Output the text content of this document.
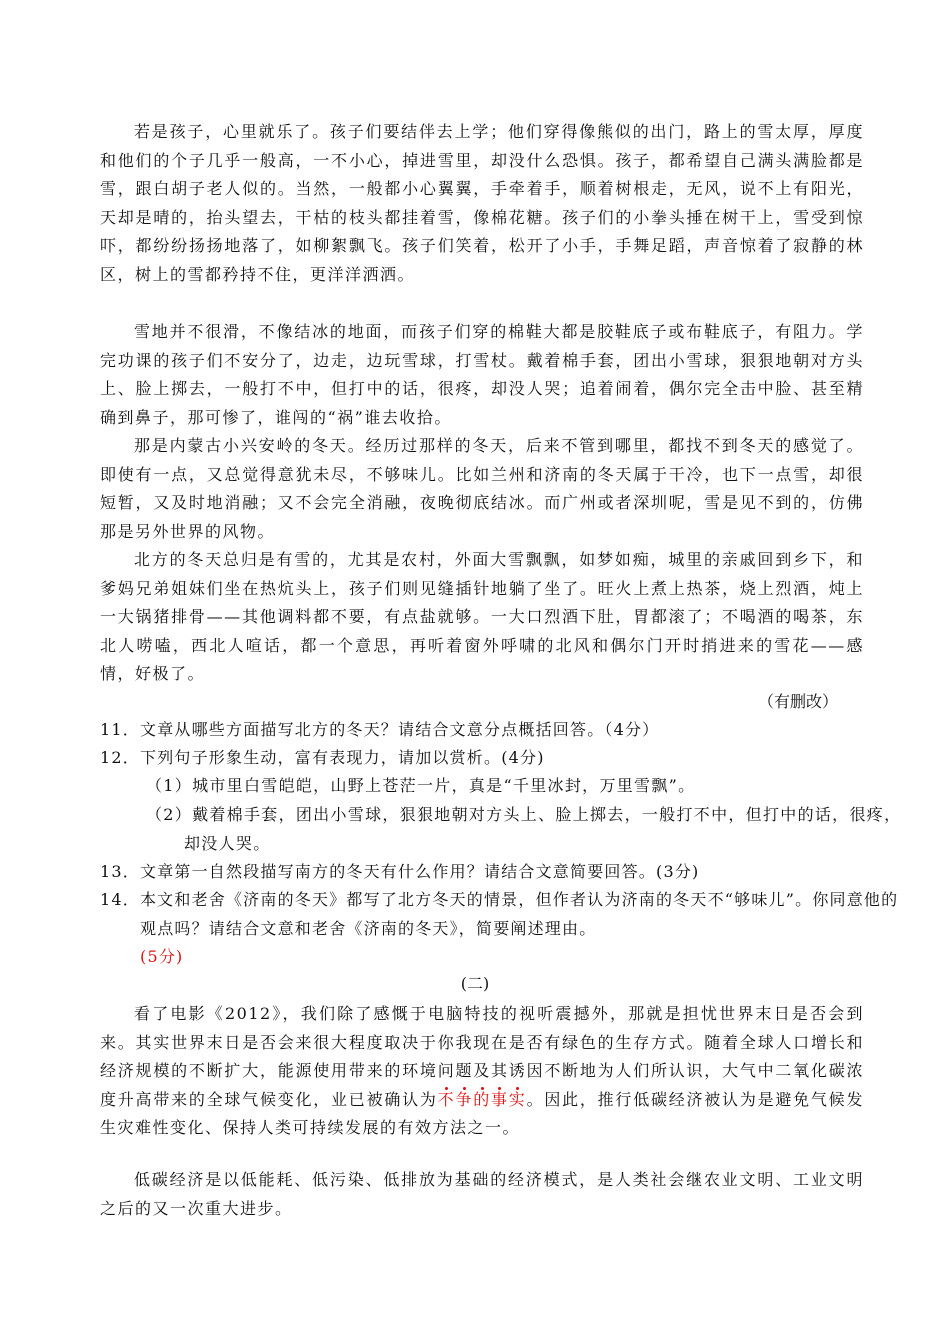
若是孩子，心里就乐了。孩子们要结伴去上学；他们穿得像熊似的出门，路上的雪太厚，厚度和他们的个子几乎一般高，一不小心，掉进雪里，却没什么恐惧。孩子，都希望自己满头满脸都是雪，跟白胡子老人似的。当然，一般都小心翼翼，手牵着手，顺着树根走，无风，说不上有阳光，天却是晴的，抬头望去，干枯的枝头都挂着雪，像棉花糖。孩子们的小拳头捶在树干上，雪受到惊吓，都纷纷扬扬地落了，如柳絮飘飞。孩子们笑着，松开了小手，手舞足蹈，声音惊着了寂静的林区，树上的雪都矜持不住，更洋洋洒洒。

雪地并不很滑，不像结冰的地面，而孩子们穿的棉鞋大都是胶鞋底子或布鞋底子，有阻力。学完功课的孩子们不安分了，边走，边玩雪球，打雪杖。戴着棉手套，团出小雪球，狠狠地朝对方头上、脸上掷去，一般打不中，但打中的话，很疼，却没人哭；追着闹着，偶尔完全击中脸、甚至精确到鼻子，那可惨了，谁闯的“祸”谁去收拾。

那是内蒙古小兴安岭的冬天。经历过那样的冬天，后来不管到哪里，都找不到冬天的感觉了。即使有一点，又总觉得意犹未尽，不够味儿。比如兰州和济南的冬天属于干冷，也下一点雪，却很短暂，又及时地消融；又不会完全消融，夜晚彻底结冰。而广州或者深圳呢，雪是见不到的，仿佛那是另外世界的风物。

北方的冬天总归是有雪的，尤其是农村，外面大雪飘飘，如梦如痴，城里的亲戚回到乡下，和爹妈兄弟姐妹们坐在热炕头上，孩子们则见缝插针地躺了坐了。旺火上煮上热茶，烧上烈酒，炖上一大锅猪排骨——其他调料都不要，有点盐就够。一大口烈酒下肚，胃都滚了；不喝酒的喝茶，东北人唠嗑，西北人喧话，都一个意思，再听着窗外呼啸的北风和偶尔门开时捎进来的雪花——感情，好极了。

（有删改）
11．文章从哪些方面描写北方的冬天？请结合文意分点概括回答。（4分）
12．下列句子形象生动，富有表现力，请加以赏析。(4分)
（1）城市里白雪皑皑，山野上苍茫一片，真是“千里冰封，万里雪飘”。
（2）戴着棉手套，团出小雪球，狠狠地朝对方头上、脸上掷去，一般打不中，但打中的话，很疼，却没人哭。
13．文章第一自然段描写南方的冬天有什么作用？请结合文意简要回答。(3分)
14．本文和老舍《济南的冬天》都写了北方冬天的情景，但作者认为济南的冬天不“够味儿”。你同意他的观点吗？请结合文意和老舍《济南的冬天》，简要阐述理由。
(5分)
(二)

看了电影《2012》，我们除了感慨于电脑特技的视听震撼外，那就是担忧世界末日是否会到来。其实世界末日是否会来很大程度取决于你我现在是否有绿色的生存方式。随着全球人口增长和经济规模的不断扩大，能源使用带来的环境问题及其诱因不断地为人们所认识，大气中二氧化碳浓度升高带来的全球气候变化，业已被确认为不争的事实。因此，推行低碳经济被认为是避免气候发生灾难性变化、保持人类可持续发展的有效方法之一。

低碳经济是以低能耗、低污染、低排放为基础的经济模式，是人类社会继农业文明、工业文明之后的又一次重大进步。
